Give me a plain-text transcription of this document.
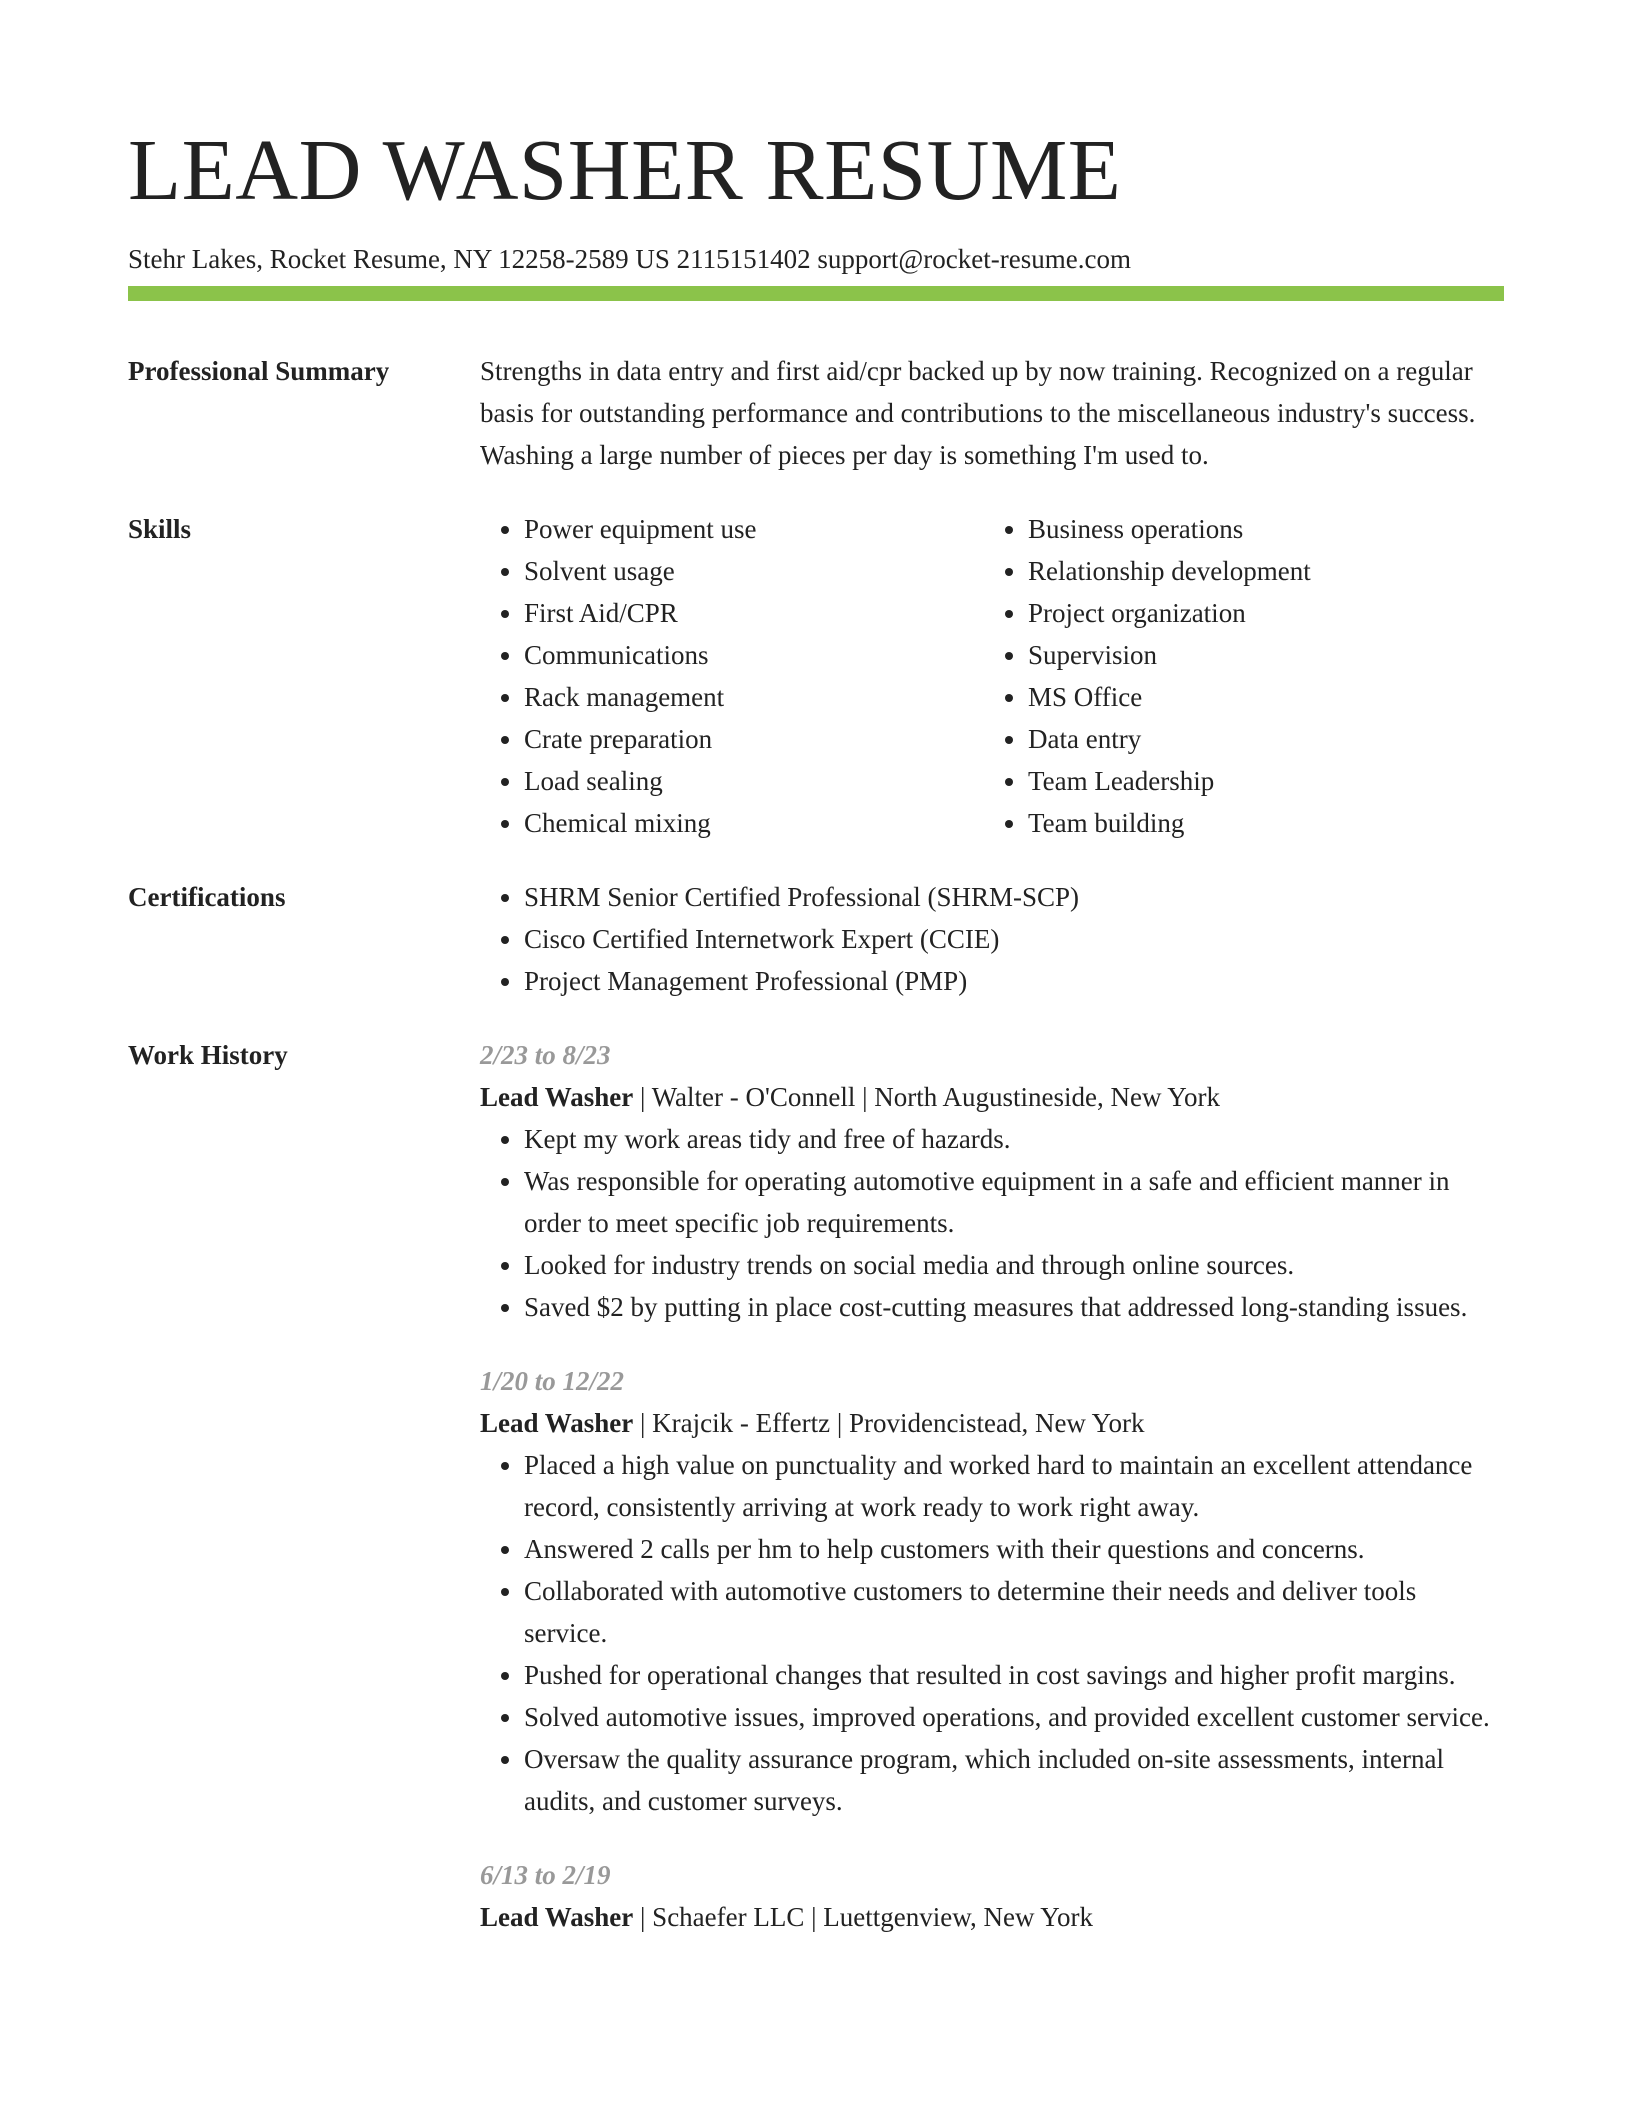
LEAD WASHER RESUME
Stehr Lakes, Rocket Resume, NY 12258-2589 US 2115151402 support@rocket-resume.com
Professional Summary	Strengths in data entry and first aid/cpr backed up by now training. Recognized on a regular basis for outstanding performance and contributions to the miscellaneous industry's success. Washing a large number of pieces per day is something I'm used to.

Skills	• Power equipment use
• Solvent usage
• First Aid/CPR
• Communications
• Rack management
• Crate preparation
• Load sealing
• Chemical mixing
• Business operations
• Relationship development
• Project organization
• Supervision
• MS Office
• Data entry
• Team Leadership
• Team building
Certifications	• SHRM Senior Certified Professional (SHRM-SCP)
• Cisco Certified Internetwork Expert (CCIE)
• Project Management Professional (PMP)
Work History	2/23 to 8/23
Lead Washer | Walter - O'Connell | North Augustineside, New York
• Kept my work areas tidy and free of hazards.
• Was responsible for operating automotive equipment in a safe and efficient manner in order to meet specific job requirements.
• Looked for industry trends on social media and through online sources.
• Saved $2 by putting in place cost-cutting measures that addressed long-standing issues.
1/20 to 12/22
Lead Washer | Krajcik - Effertz | Providencistead, New York
• Placed a high value on punctuality and worked hard to maintain an excellent attendance record, consistently arriving at work ready to work right away.
• Answered 2 calls per hm to help customers with their questions and concerns.
• Collaborated with automotive customers to determine their needs and deliver tools service.
• Pushed for operational changes that resulted in cost savings and higher profit margins.
• Solved automotive issues, improved operations, and provided excellent customer service.
• Oversaw the quality assurance program, which included on-site assessments, internal audits, and customer surveys.
6/13 to 2/19
Lead Washer | Schaefer LLC | Luettgenview, New York
